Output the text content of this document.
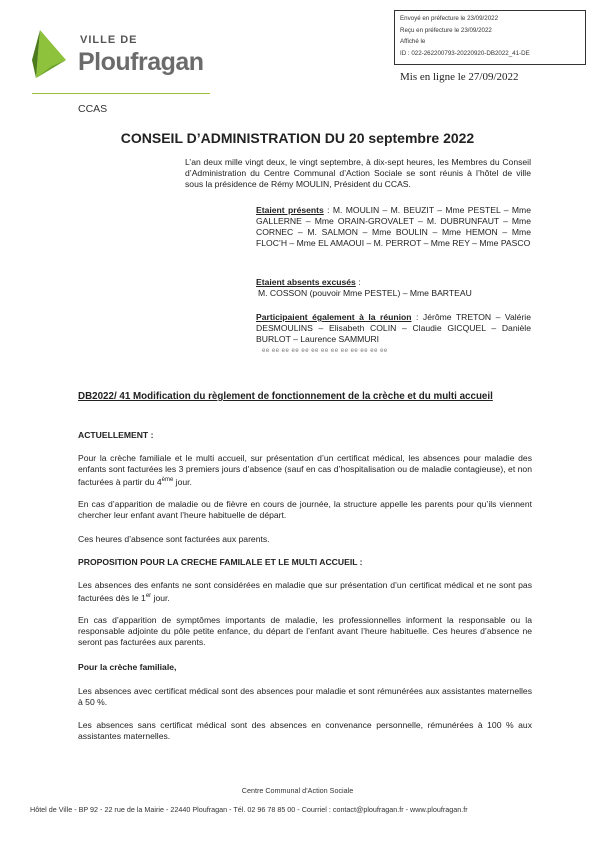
VILLE DE
Ploufragan
Envoyé en préfecture le 23/09/2022
Reçu en préfecture le 23/09/2022
Affiché le
ID : 022-262200793-20220920-DB2022_41-DE
Mis en ligne le 27/09/2022
CCAS
CONSEIL D’ADMINISTRATION DU 20 septembre 2022
L’an deux mille vingt deux, le vingt septembre, à dix-sept heures, les Membres du Conseil d’Administration du Centre Communal d’Action Sociale se sont réunis à l’hôtel de ville sous la présidence de Rémy MOULIN, Président du CCAS.
Etaient présents : M. MOULIN – M. BEUZIT – Mme PESTEL – Mme GALLERNE – Mme ORAIN-GROVALET – M. DUBRUNFAUT – Mme CORNEC – M. SALMON – Mme BOULIN – Mme HEMON – Mme FLOC’H – Mme EL AMAOUI – M. PERROT – Mme REY – Mme PASCO
Etaient absents excusés :
M. COSSON (pouvoir Mme PESTEL) – Mme BARTEAU
Participaient également à la réunion : Jérôme TRETON – Valérie DESMOULINS – Elisabeth COLIN – Claudie GICQUEL – Danièle BURLOT – Laurence SAMMURI
ee ee ee ee ee ee ee ee ee ee ee ee ee
DB2022/ 41 Modification du règlement de fonctionnement de la crèche et du multi accueil
ACTUELLEMENT :
Pour la crèche familiale et le multi accueil, sur présentation d’un certificat médical, les absences pour maladie des enfants sont facturées les 3 premiers jours d’absence (sauf en cas d’hospitalisation ou de maladie contagieuse), et non facturées à partir du 4ème jour.
En cas d’apparition de maladie ou de fièvre en cours de journée, la structure appelle les parents pour qu’ils viennent chercher leur enfant avant l’heure habituelle de départ.
Ces heures d’absence sont facturées aux parents.
PROPOSITION POUR LA CRECHE FAMILALE ET LE MULTI ACCUEIL :
Les absences des enfants ne sont considérées en maladie que sur présentation d’un certificat médical et ne sont pas facturées dès le 1er jour.
En cas d’apparition de symptômes importants de maladie, les professionnelles informent la responsable ou la responsable adjointe du pôle petite enfance, du départ de l’enfant avant l’heure habituelle. Ces heures d’absence ne seront pas facturées aux parents.
Pour la crèche familiale,
Les absences avec certificat médical sont des absences pour maladie et sont rémunérées aux assistantes maternelles à 50 %.
Les absences sans certificat médical sont des absences en convenance personnelle, rémunérées à 100 % aux assistantes maternelles.
Centre Communal d’Action Sociale
Hôtel de Ville - BP 92 - 22 rue de la Mairie - 22440 Ploufragan - Tél. 02 96 78 85 00 - Courriel : contact@ploufragan.fr - www.ploufragan.fr
